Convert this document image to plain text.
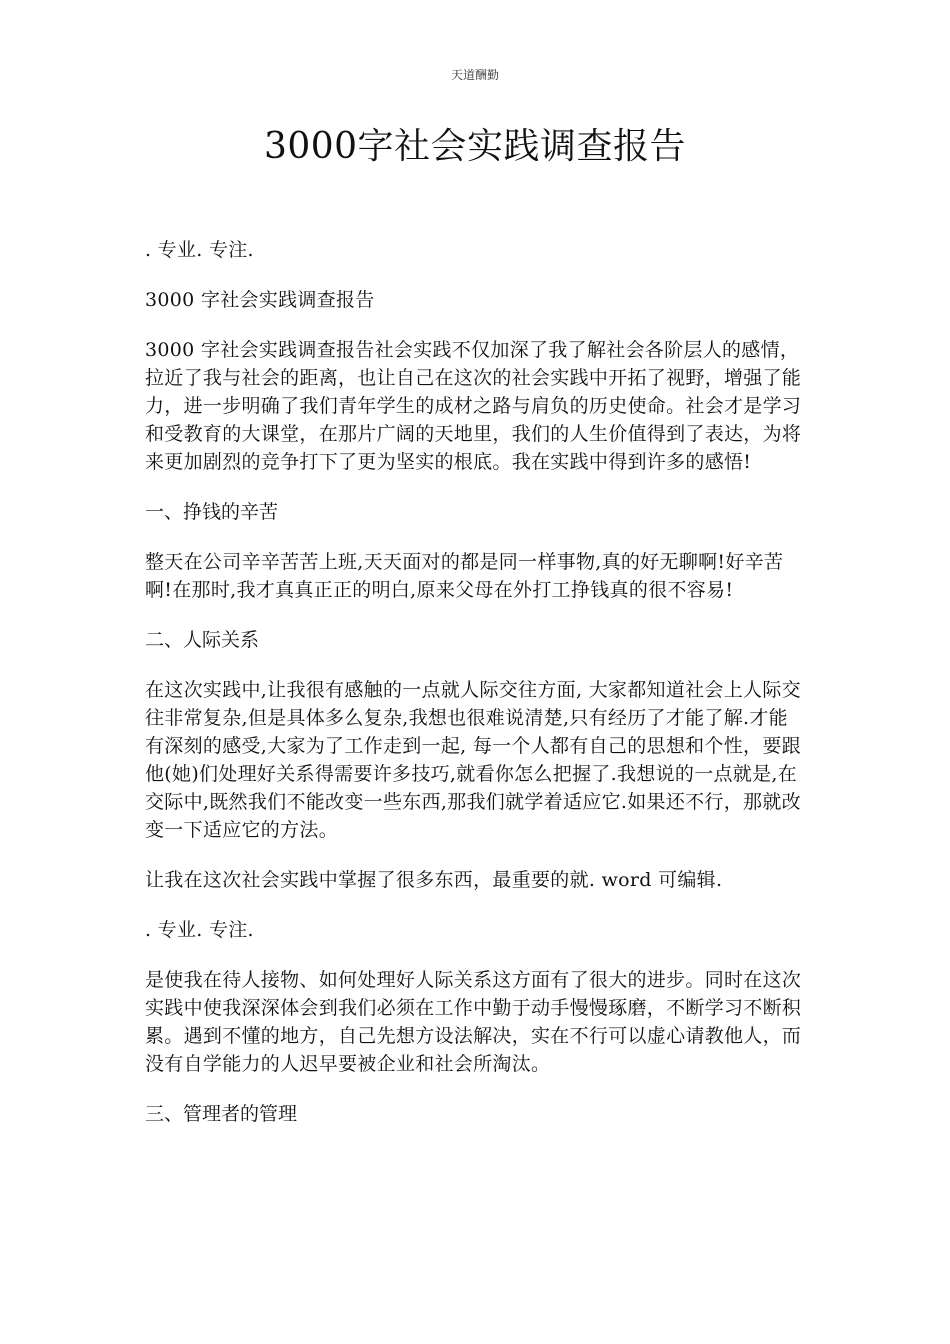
天道酬勤
3000字社会实践调查报告

. 专业. 专注.

3000 字社会实践调查报告

3000 字社会实践调查报告社会实践不仅加深了我了解社会各阶层人的感情，拉近了我与社会的距离，也让自己在这次的社会实践中开拓了视野，增强了能力，进一步明确了我们青年学生的成材之路与肩负的历史使命。社会才是学习和受教育的大课堂，在那片广阔的天地里，我们的人生价值得到了表达，为将来更加剧烈的竞争打下了更为坚实的根底。我在实践中得到许多的感悟!

一、挣钱的辛苦

整天在公司辛辛苦苦上班,天天面对的都是同一样事物,真的好无聊啊!好辛苦啊!在那时,我才真真正正的明白,原来父母在外打工挣钱真的很不容易!

二、人际关系

在这次实践中,让我很有感触的一点就人际交往方面, 大家都知道社会上人际交往非常复杂,但是具体多么复杂,我想也很难说清楚,只有经历了才能了解.才能有深刻的感受,大家为了工作走到一起, 每一个人都有自己的思想和个性，要跟他(她)们处理好关系得需要许多技巧,就看你怎么把握了.我想说的一点就是,在交际中,既然我们不能改变一些东西,那我们就学着适应它.如果还不行，那就改变一下适应它的方法。

让我在这次社会实践中掌握了很多东西，最重要的就. word 可编辑.

. 专业. 专注.

是使我在待人接物、如何处理好人际关系这方面有了很大的进步。同时在这次实践中使我深深体会到我们必须在工作中勤于动手慢慢琢磨，不断学习不断积累。遇到不懂的地方，自己先想方设法解决，实在不行可以虚心请教他人，而没有自学能力的人迟早要被企业和社会所淘汰。

三、管理者的管理
